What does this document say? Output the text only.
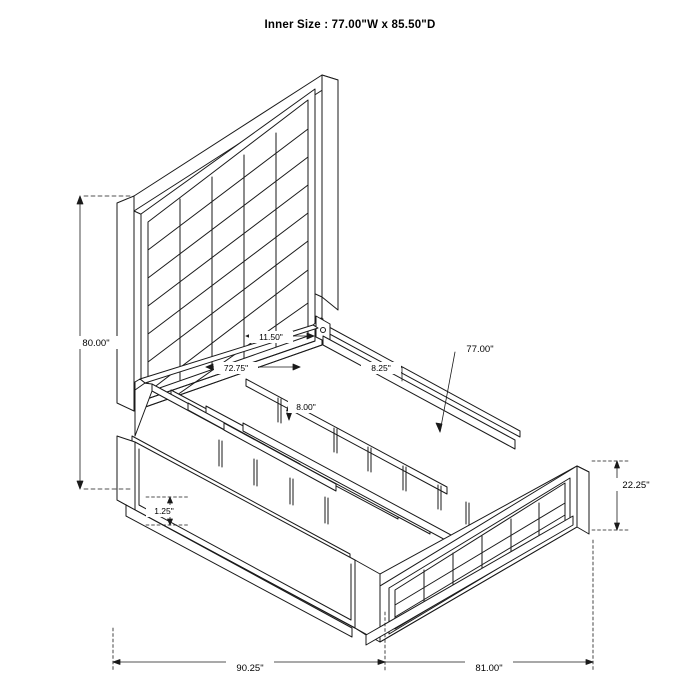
Inner Size : 77.00"W x 85.50"D
80.00"
11.50"
72.75"	8.25"
8.00"
77.00"
22.25"
1.25"
90.25"	81.00"
